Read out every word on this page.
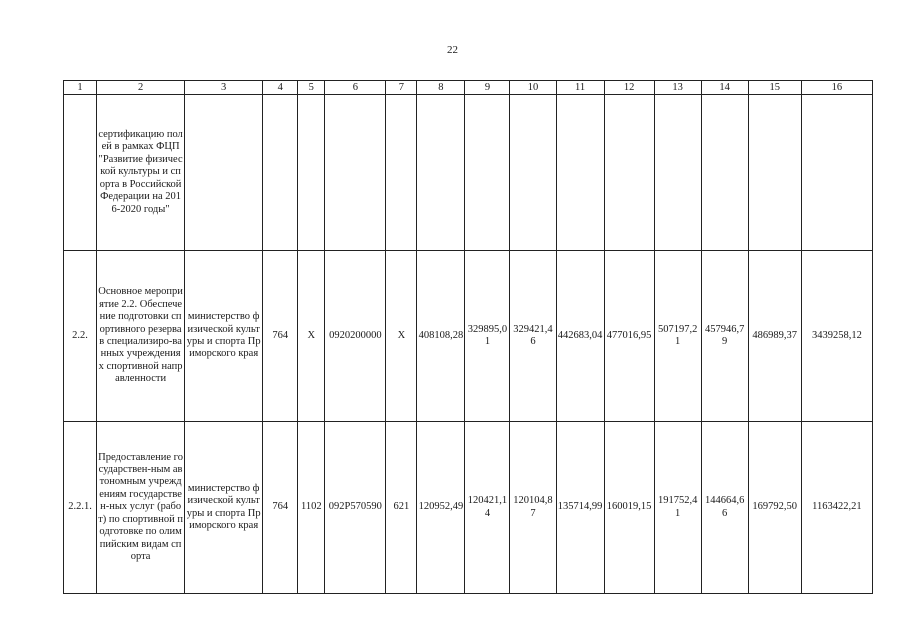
22
1	2	3	4	5	6	7	8	9	10	11	12	13	14	15	16
	сертификацию полей в рамках ФЦП "Развитие физической культуры и спорта в Российской Федерации на 2016-2020 годы"														
2.2.	Основное мероприятие 2.2. Обеспечение подготовки спортивного резерва в специализиро-ванных учреждениях спортивной направленности	министерство физической культуры и спорта Приморского края	764	X	0920200000	X	408108,28	329895,01	329421,46	442683,04	477016,95	507197,21	457946,79	486989,37	3439258,12
2.2.1.	Предоставление государствен-ным автономным учреждениям государствен-ных услуг (работ) по спортивной подготовке по олимпийским видам спорта	министерство физической культуры и спорта Приморского края	764	1102	092P570590	621	120952,49	120421,14	120104,87	135714,99	160019,15	191752,41	144664,66	169792,50	1163422,21
